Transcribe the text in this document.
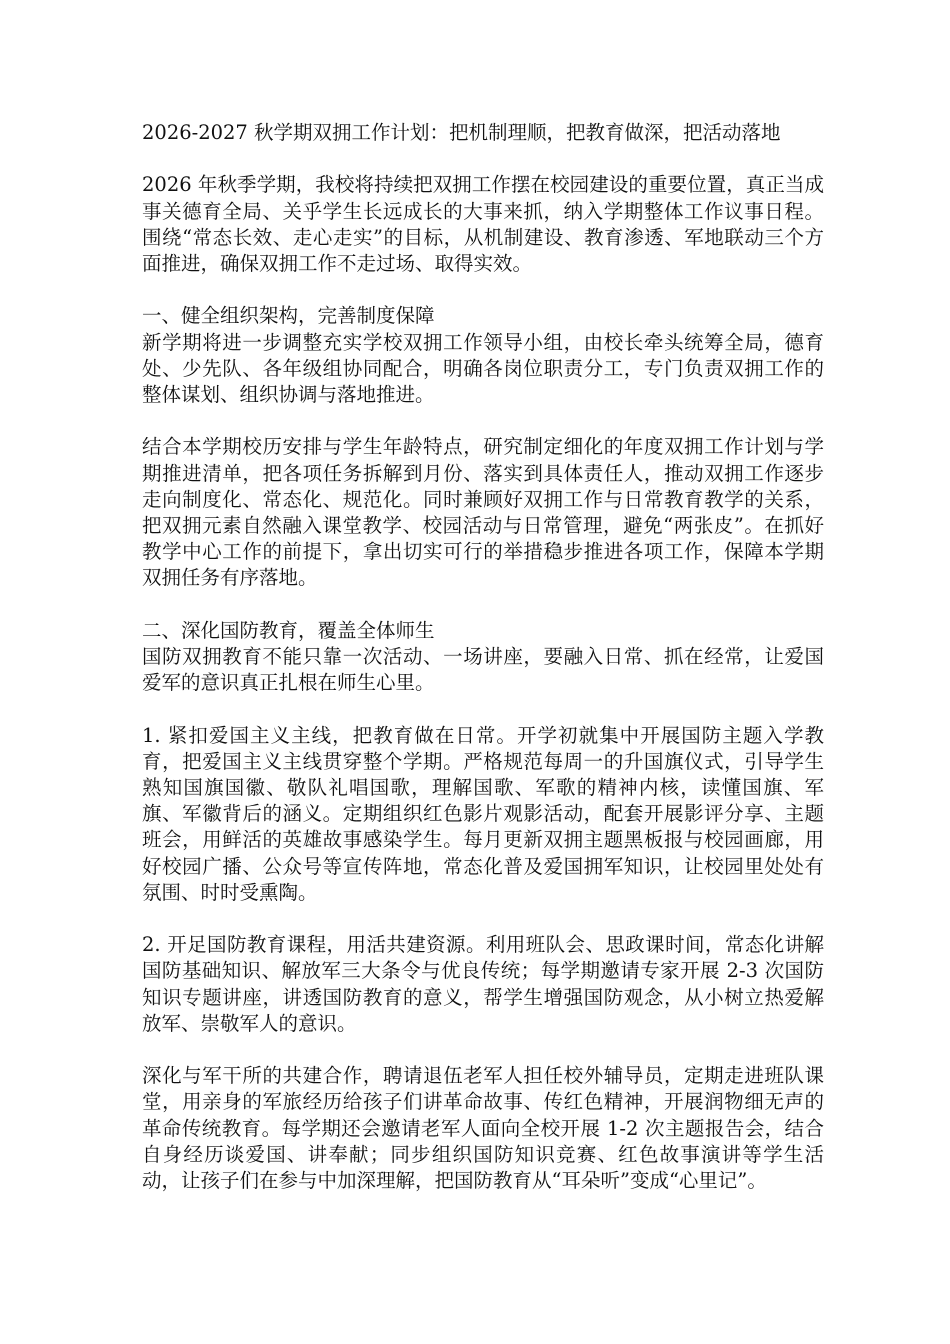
2026-2027 秋学期双拥工作计划：把机制理顺，把教育做深，把活动落地

2026 年秋季学期，我校将持续把双拥工作摆在校园建设的重要位置，真正当成事关德育全局、关乎学生长远成长的大事来抓，纳入学期整体工作议事日程。围绕“常态长效、走心走实”的目标，从机制建设、教育渗透、军地联动三个方面推进，确保双拥工作不走过场、取得实效。

一、健全组织架构，完善制度保障

新学期将进一步调整充实学校双拥工作领导小组，由校长牵头统筹全局，德育处、少先队、各年级组协同配合，明确各岗位职责分工，专门负责双拥工作的整体谋划、组织协调与落地推进。

结合本学期校历安排与学生年龄特点，研究制定细化的年度双拥工作计划与学期推进清单，把各项任务拆解到月份、落实到具体责任人，推动双拥工作逐步走向制度化、常态化、规范化。同时兼顾好双拥工作与日常教育教学的关系，把双拥元素自然融入课堂教学、校园活动与日常管理，避免“两张皮”。在抓好教学中心工作的前提下，拿出切实可行的举措稳步推进各项工作，保障本学期双拥任务有序落地。

二、深化国防教育，覆盖全体师生

国防双拥教育不能只靠一次活动、一场讲座，要融入日常、抓在经常，让爱国爱军的意识真正扎根在师生心里。

1. 紧扣爱国主义主线，把教育做在日常。开学初就集中开展国防主题入学教育，把爱国主义主线贯穿整个学期。严格规范每周一的升国旗仪式，引导学生熟知国旗国徽、敬队礼唱国歌，理解国歌、军歌的精神内核，读懂国旗、军旗、军徽背后的涵义。定期组织红色影片观影活动，配套开展影评分享、主题班会，用鲜活的英雄故事感染学生。每月更新双拥主题黑板报与校园画廊，用好校园广播、公众号等宣传阵地，常态化普及爱国拥军知识，让校园里处处有氛围、时时受熏陶。

2. 开足国防教育课程，用活共建资源。利用班队会、思政课时间，常态化讲解国防基础知识、解放军三大条令与优良传统；每学期邀请专家开展 2-3 次国防知识专题讲座，讲透国防教育的意义，帮学生增强国防观念，从小树立热爱解放军、崇敬军人的意识。

深化与军干所的共建合作，聘请退伍老军人担任校外辅导员，定期走进班队课堂，用亲身的军旅经历给孩子们讲革命故事、传红色精神，开展润物细无声的革命传统教育。每学期还会邀请老军人面向全校开展 1-2 次主题报告会，结合自身经历谈爱国、讲奉献；同步组织国防知识竞赛、红色故事演讲等学生活动，让孩子们在参与中加深理解，把国防教育从“耳朵听”变成“心里记”。
